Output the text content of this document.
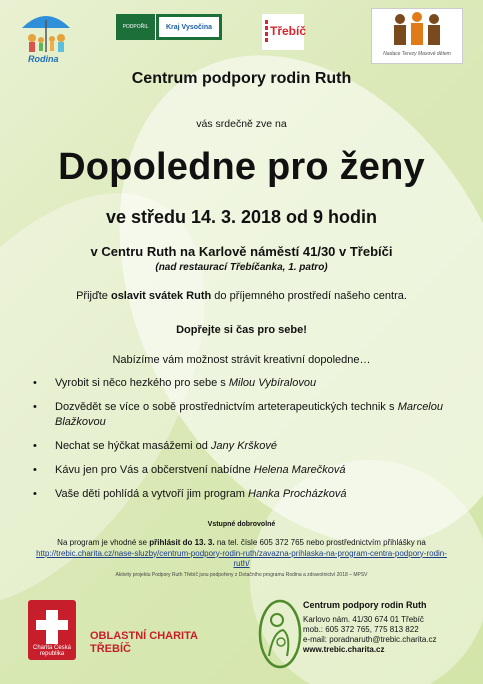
Rodina
PODPOŘIL	Kraj Vysočina	Třebíč
Nadace Terezy Maxové dětem
Centrum podpory rodin Ruth
vás srdečně zve na
Dopoledne pro ženy
ve středu 14. 3. 2018 od 9 hodin
v Centru Ruth na Karlově náměstí 41/30 v Třebíči
(nad restaurací Třebíčanka, 1. patro)
Přijďte oslavit svátek Ruth do příjemného prostředí našeho centra.
Dopřejte si čas pro sebe!
Nabízíme vám možnost strávit kreativní dopoledne…
• Vyrobit si něco hezkého pro sebe s Milou Vybíralovou
• Dozvědět se více o sobě prostřednictvím arteterapeutických technik s Marcelou Blažkovou
• Nechat se hýčkat masážemi od Jany Krškové
• Kávu jen pro Vás a občerstvení nabídne Helena Marečková
• Vaše děti pohlídá a vytvoří jim program Hanka Procházková
Vstupné dobrovolné
Na program je vhodné se přihlásit do 13. 3. na tel. čísle 605 372 765 nebo prostřednictvím přihlášky na http://trebic.charita.cz/nase-sluzby/centrum-podpory-rodin-ruth/zavazna-prihlaska-na-program-centra-podpory-rodin-ruth/
Aktivity projektu Podpory Ruth Třebíč jsou podpořeny z Dotačního programu Rodina a zdravotnictví 2018 – MPSV
Charita Česká republika
OBLASTNÍ CHARITA
TŘEBÍČ
Centrum podpory rodin Ruth
Karlovo nám. 41/30 674 01 Třebíč
mob.: 605 372 765, 775 813 822
e-mail: poradnaruth@trebic.charita.cz
www.trebic.charita.cz
